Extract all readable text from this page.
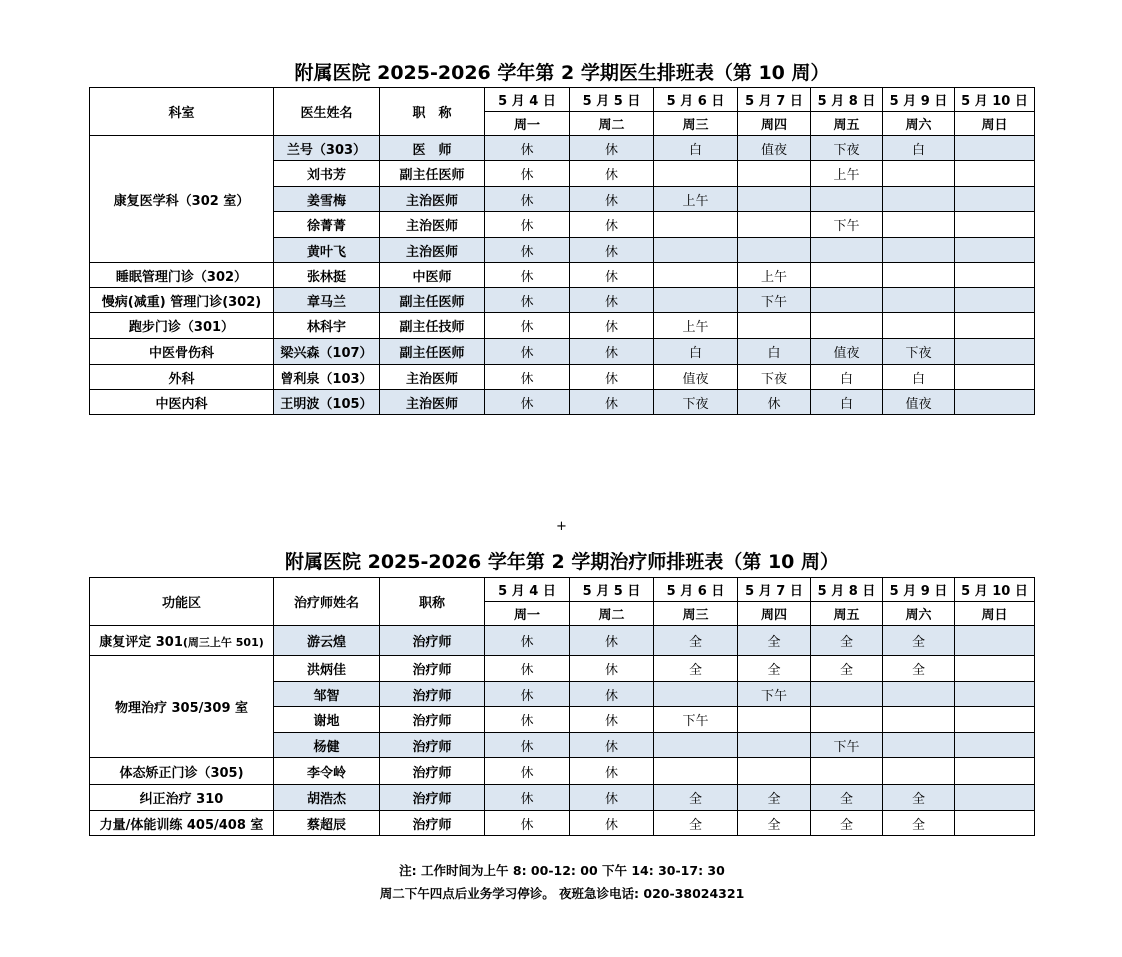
附属医院 2025-2026 学年第 2 学期医生排班表（第 10 周）
科室	医生姓名	职　称	5 月 4 日	5 月 5 日	5 月 6 日	5 月 7 日	5 月 8 日	5 月 9 日	5 月 10 日
			周一	周二	周三	周四	周五	周六	周日
康复医学科（302 室）	兰号（303）	医　师	休	休	白	值夜	下夜	白	
	刘书芳	副主任医师	休	休			上午		
	姜雪梅	主治医师	休	休	上午				
	徐菁菁	主治医师	休	休			下午		
	黄叶飞	主治医师	休	休					
睡眠管理门诊（302）	张林挺	中医师	休	休		上午			
慢病(减重) 管理门诊(302)	章马兰	副主任医师	休	休		下午			
跑步门诊（301）	林科宇	副主任技师	休	休	上午				
中医骨伤科	梁兴森（107）	副主任医师	休	休	白	白	值夜	下夜	
外科	曾利泉（103）	主治医师	休	休	值夜	下夜	白	白	
中医内科	王明波（105）	主治医师	休	休	下夜	休	白	值夜	
+
附属医院 2025-2026 学年第 2 学期治疗师排班表（第 10 周）
功能区	治疗师姓名	职称	5 月 4 日	5 月 5 日	5 月 6 日	5 月 7 日	5 月 8 日	5 月 9 日	5 月 10 日
			周一	周二	周三	周四	周五	周六	周日
康复评定 301(周三上午 501)	游云煌	治疗师	休	休	全	全	全	全	
物理治疗 305/309 室	洪炳佳	治疗师	休	休	全	全	全	全	
	邹智	治疗师	休	休		下午			
	谢地	治疗师	休	休	下午				
	杨健	治疗师	休	休			下午		
体态矫正门诊（305)	李令岭	治疗师	休	休					
纠正治疗 310	胡浩杰	治疗师	休	休	全	全	全	全	
力量/体能训练 405/408 室	蔡超辰	治疗师	休	休	全	全	全	全	
注: 工作时间为上午 8: 00-12: 00 下午 14: 30-17: 30
周二下午四点后业务学习停诊。 夜班急诊电话: 020-38024321
